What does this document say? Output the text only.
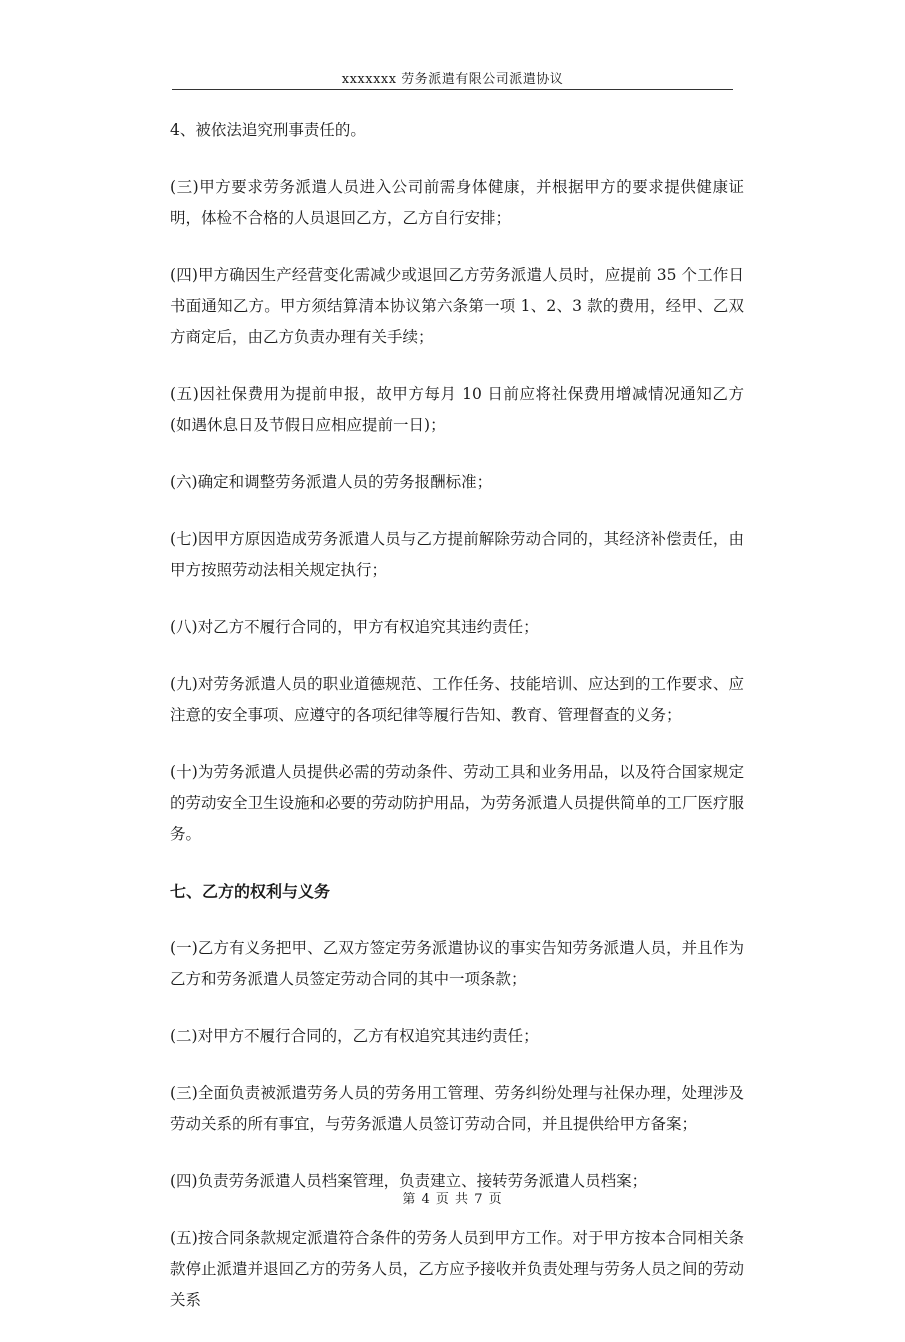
xxxxxxx 劳务派遣有限公司派遣协议

4、被依法追究刑事责任的。

(三)甲方要求劳务派遣人员进入公司前需身体健康，并根据甲方的要求提供健康证明，体检不合格的人员退回乙方，乙方自行安排；

(四)甲方确因生产经营变化需减少或退回乙方劳务派遣人员时，应提前 35 个工作日书面通知乙方。甲方须结算清本协议第六条第一项 1、2、3 款的费用，经甲、乙双方商定后，由乙方负责办理有关手续；

(五)因社保费用为提前申报，故甲方每月 10 日前应将社保费用增减情况通知乙方(如遇休息日及节假日应相应提前一日)；

(六)确定和调整劳务派遣人员的劳务报酬标准；

(七)因甲方原因造成劳务派遣人员与乙方提前解除劳动合同的，其经济补偿责任，由甲方按照劳动法相关规定执行；

(八)对乙方不履行合同的，甲方有权追究其违约责任；

(九)对劳务派遣人员的职业道德规范、工作任务、技能培训、应达到的工作要求、应注意的安全事项、应遵守的各项纪律等履行告知、教育、管理督查的义务；

(十)为劳务派遣人员提供必需的劳动条件、劳动工具和业务用品，以及符合国家规定的劳动安全卫生设施和必要的劳动防护用品，为劳务派遣人员提供简单的工厂医疗服务。

七、乙方的权利与义务

(一)乙方有义务把甲、乙双方签定劳务派遣协议的事实告知劳务派遣人员，并且作为乙方和劳务派遣人员签定劳动合同的其中一项条款；

(二)对甲方不履行合同的，乙方有权追究其违约责任；

(三)全面负责被派遣劳务人员的劳务用工管理、劳务纠纷处理与社保办理，处理涉及劳动关系的所有事宜，与劳务派遣人员签订劳动合同，并且提供给甲方备案；

(四)负责劳务派遣人员档案管理，负责建立、接转劳务派遣人员档案；

(五)按合同条款规定派遣符合条件的劳务人员到甲方工作。对于甲方按本合同相关条款停止派遣并退回乙方的劳务人员，乙方应予接收并负责处理与劳务人员之间的劳动关系

第 4 页 共 7 页
